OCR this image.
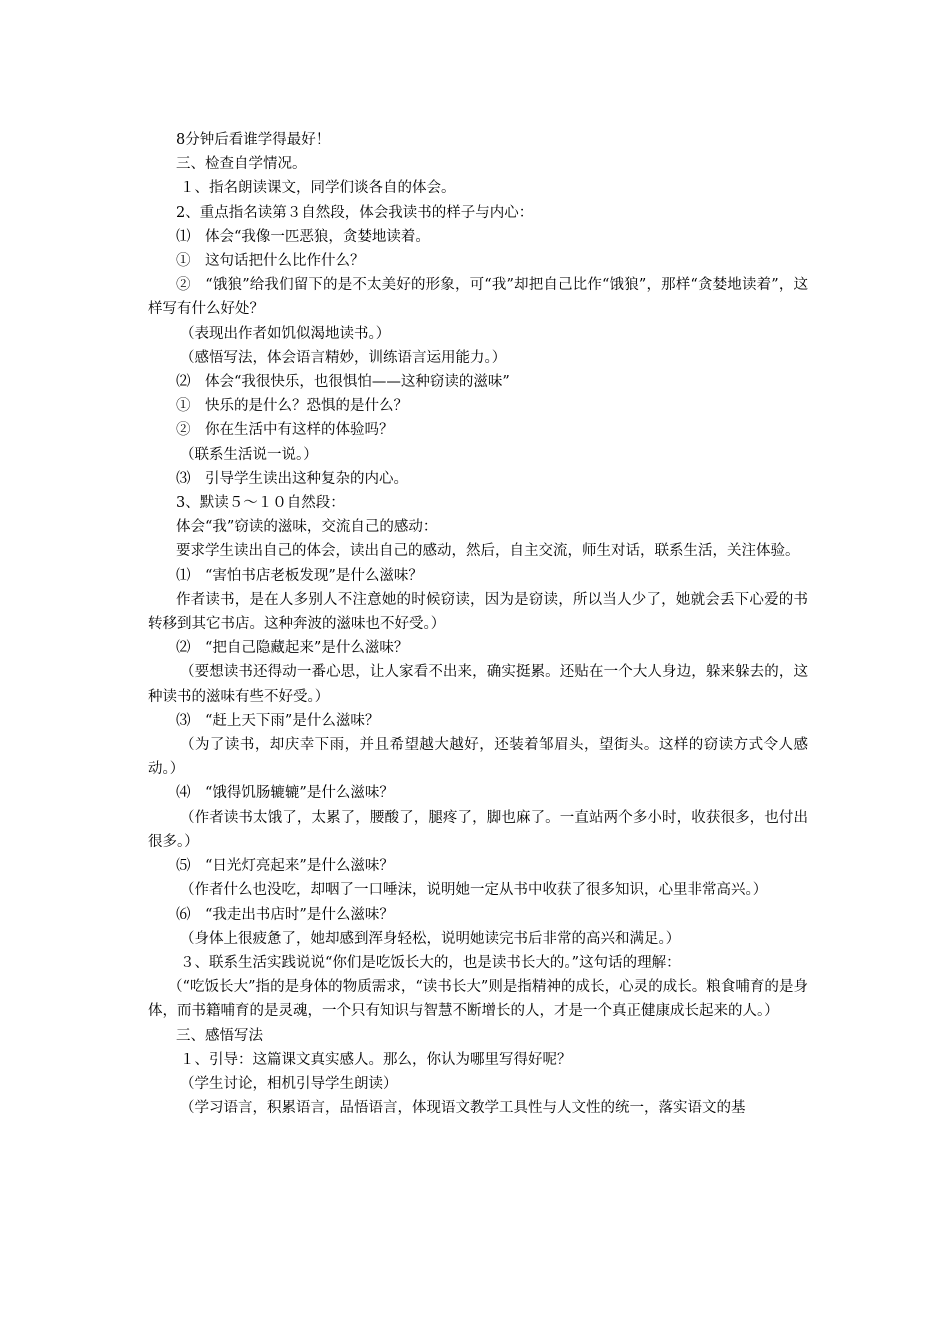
8分钟后看谁学得最好！

三、检查自学情况。

１、指名朗读课文，同学们谈各自的体会。

2、重点指名读第３自然段，体会我读书的样子与内心：

⑴　体会“我像一匹恶狼，贪婪地读着。

①　这句话把什么比作什么？

②　“饿狼”给我们留下的是不太美好的形象，可“我”却把自己比作“饿狼”，那样“贪婪地读着”，这样写有什么好处？

（表现出作者如饥似渴地读书。）

（感悟写法，体会语言精妙，训练语言运用能力。）

⑵　体会“我很快乐，也很惧怕——这种窃读的滋味”

①　快乐的是什么？恐惧的是什么？

②　你在生活中有这样的体验吗？

（联系生活说一说。）

⑶　引导学生读出这种复杂的内心。

3、默读５～１０自然段：

体会“我”窃读的滋味，交流自己的感动：

要求学生读出自己的体会，读出自己的感动，然后，自主交流，师生对话，联系生活，关注体验。

⑴　“害怕书店老板发现”是什么滋味？

作者读书，是在人多别人不注意她的时候窃读，因为是窃读，所以当人少了，她就会丢下心爱的书转移到其它书店。这种奔波的滋味也不好受。）

⑵　“把自己隐藏起来”是什么滋味？

（要想读书还得动一番心思，让人家看不出来，确实挺累。还贴在一个大人身边，躲来躲去的，这种读书的滋味有些不好受。）

⑶　“赶上天下雨”是什么滋味？

（为了读书，却庆幸下雨，并且希望越大越好，还装着邹眉头，望街头。这样的窃读方式令人感动。）

⑷　“饿得饥肠辘辘”是什么滋味？

（作者读书太饿了，太累了，腰酸了，腿疼了，脚也麻了。一直站两个多小时，收获很多，也付出很多。）

⑸　“日光灯亮起来”是什么滋味？

（作者什么也没吃，却咽了一口唾沫，说明她一定从书中收获了很多知识，心里非常高兴。）

⑹　“我走出书店时”是什么滋味？

（身体上很疲惫了，她却感到浑身轻松，说明她读完书后非常的高兴和满足。）

３、联系生活实践说说“你们是吃饭长大的，也是读书长大的。”这句话的理解：

（“吃饭长大”指的是身体的物质需求，“读书长大”则是指精神的成长，心灵的成长。粮食哺育的是身体，而书籍哺育的是灵魂，一个只有知识与智慧不断增长的人，才是一个真正健康成长起来的人。）

三、感悟写法

１、引导：这篇课文真实感人。那么，你认为哪里写得好呢？

（学生讨论，相机引导学生朗读）

（学习语言，积累语言，品悟语言，体现语文教学工具性与人文性的统一，落实语文的基
